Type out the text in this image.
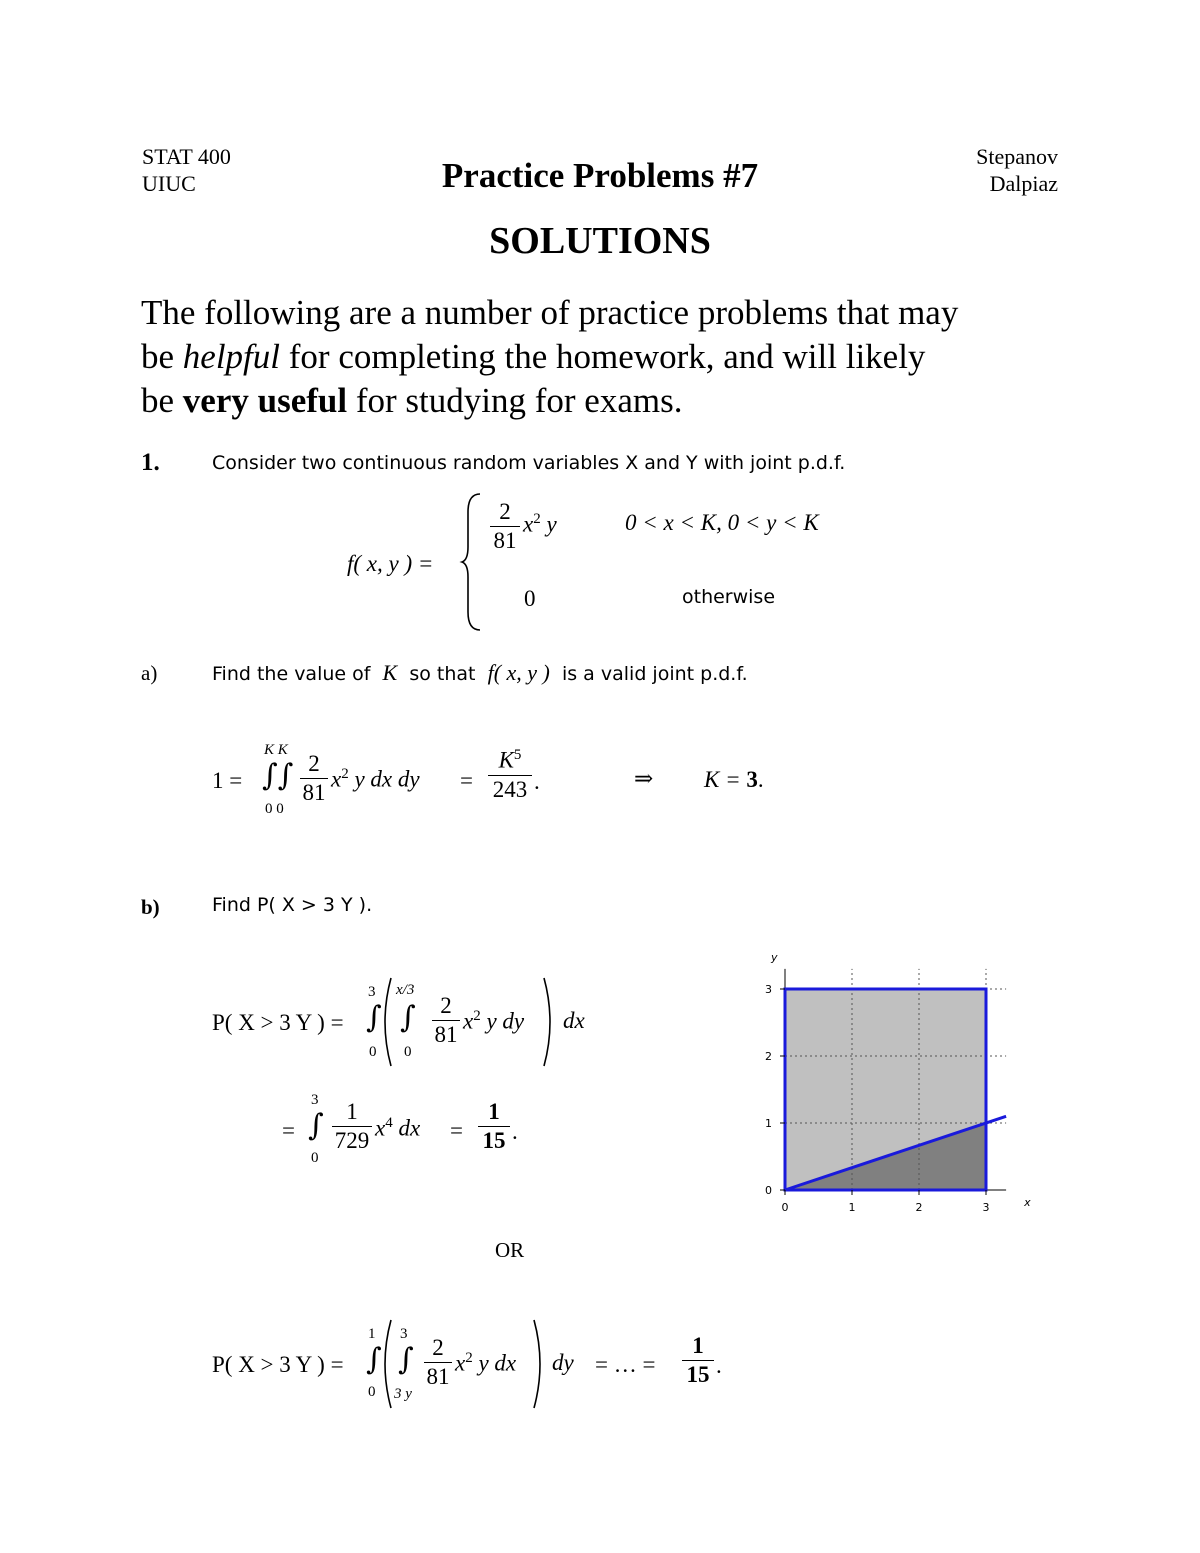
STAT 400
UIUC	Practice Problems #7	Stepanov
Dalpiaz
SOLUTIONS
The following are a number of practice problems that may
be helpful for completing the homework, and will likely
be very useful for studying for exams.
1.	Consider two continuous random variables X and Y with joint p.d.f.
f( x, y ) =
2
81
$x^2$ y	0 < x < K, 0 < y < K
0	otherwise
a)	Find the value of K so that f( x, y ) is a valid joint p.d.f.
1 =
K K
∫∫
0 0
2
81
$x^2$ y dx dy =
$K^5$
243 .	⇒ K = 3.
b)	Find P( X > 3 Y ).
P( X > 3 Y ) =
3
∫
0
x/3
∫
0
2
81
$x^2$ y dy dx
=
3
∫
0
1
729 $x^4$ dx =
1
15 .
OR
P( X > 3 Y ) =
1
∫
0
3
∫
3 y
2
81
$x^2$ y dx dy = … =
1
15 .
0	1	2	3
0
1
2
3
x
y
